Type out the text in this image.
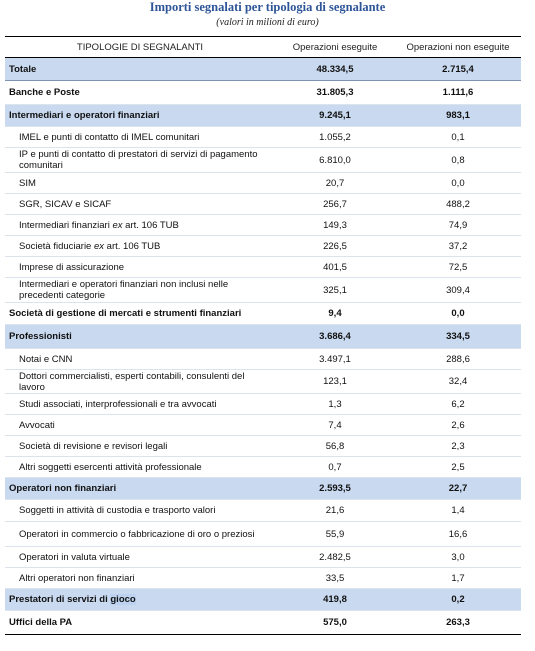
Importi segnalati per tipologia di segnalante
(valori in milioni di euro)
TIPOLOGIE DI SEGNALANTI	Operazioni eseguite	Operazioni non eseguite
Totale	48.334,5	2.715,4
Banche e Poste	31.805,3	1.111,6
Intermediari e operatori finanziari	9.245,1	983,1
IMEL e punti di contatto di IMEL comunitari	1.055,2	0,1
IP e punti di contatto di prestatori di servizi di pagamento comunitari	6.810,0	0,8
SIM	20,7	0,0
SGR, SICAV e SICAF	256,7	488,2
Intermediari finanziari ex art. 106 TUB	149,3	74,9
Società fiduciarie ex art. 106 TUB	226,5	37,2
Imprese di assicurazione	401,5	72,5
Intermediari e operatori finanziari non inclusi nelle precedenti categorie	325,1	309,4
Società di gestione di mercati e strumenti finanziari	9,4	0,0
Professionisti	3.686,4	334,5
Notai e CNN	3.497,1	288,6
Dottori commercialisti, esperti contabili, consulenti del lavoro	123,1	32,4
Studi associati, interprofessionali e tra avvocati	1,3	6,2
Avvocati	7,4	2,6
Società di revisione e revisori legali	56,8	2,3
Altri soggetti esercenti attività professionale	0,7	2,5
Operatori non finanziari	2.593,5	22,7
Soggetti in attività di custodia e trasporto valori	21,6	1,4
Operatori in commercio o fabbricazione di oro o preziosi	55,9	16,6
Operatori in valuta virtuale	2.482,5	3,0
Altri operatori non finanziari	33,5	1,7
Prestatori di servizi di gioco	419,8	0,2
Uffici della PA	575,0	263,3
